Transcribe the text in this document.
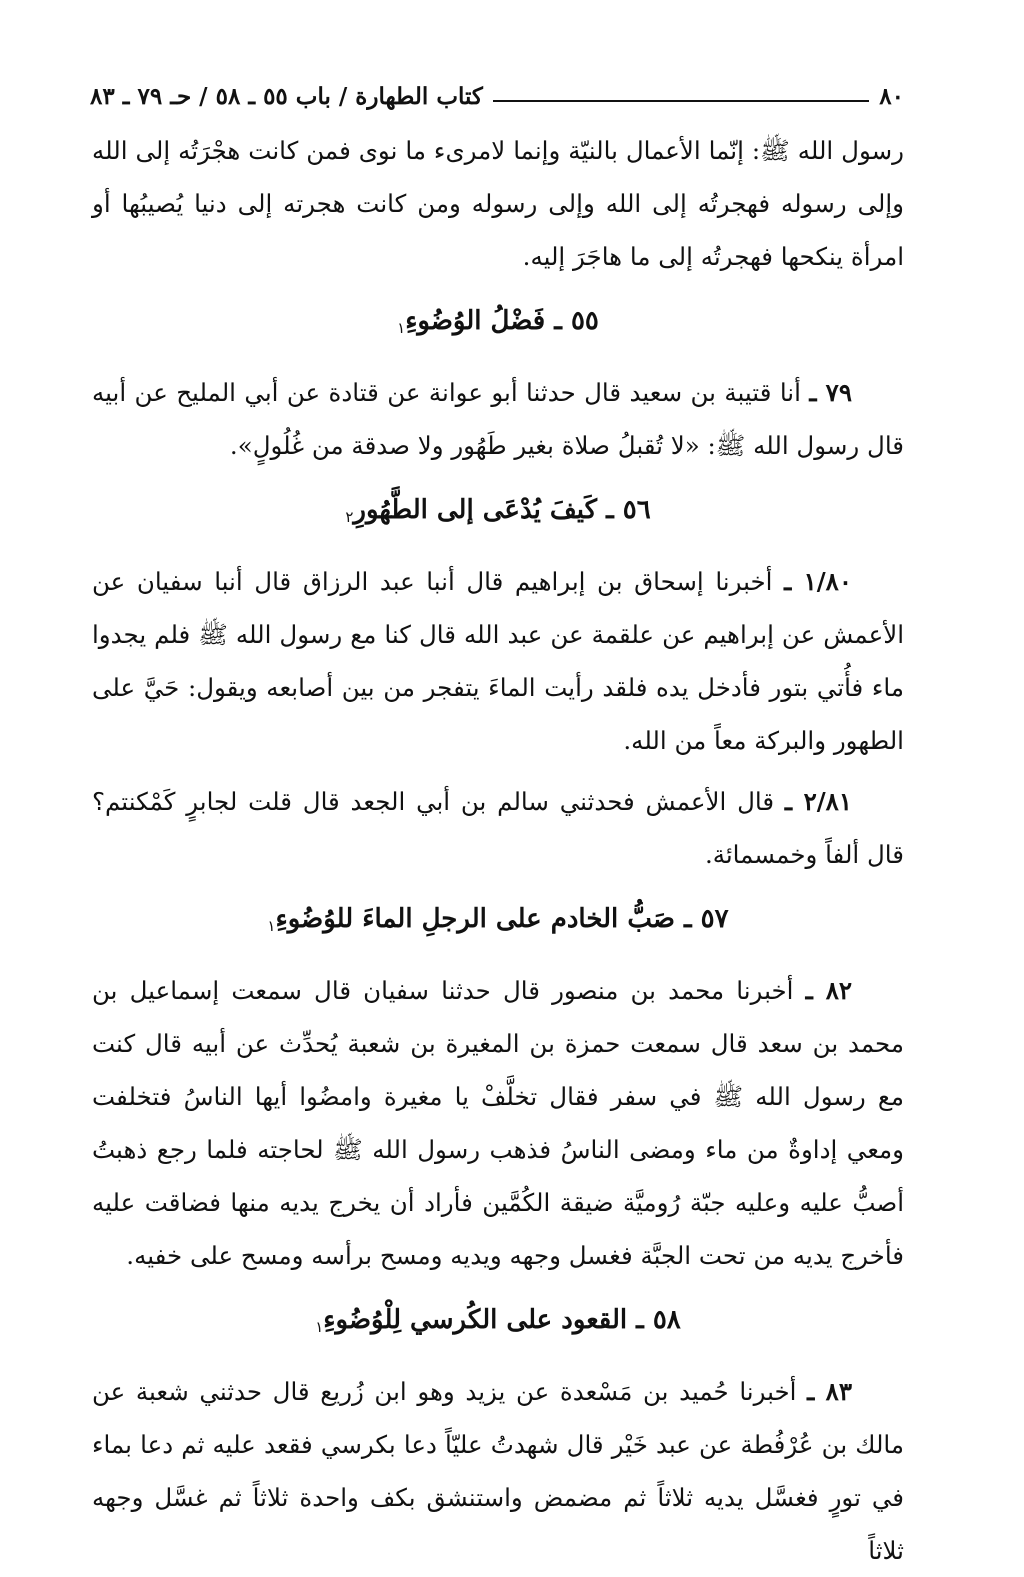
٨٠
كتاب الطهارة / باب ٥٥ ـ ٥٨ / حـ ٧٩ ـ ٨٣

رسول الله ﷺ: إنّما الأعمال بالنيّة وإنما لامرىء ما نوى فمن كانت هجْرَتُه إلى الله وإلى رسوله فهجرتُه إلى الله وإلى رسوله ومن كانت هجرته إلى دنيا يُصيبُها أو امرأة ينكحها فهجرتُه إلى ما هاجَرَ إليه.

٥٥ ـ فَضْلُ الوُضُوءِ١

٧٩ ـ أنا قتيبة بن سعيد قال حدثنا أبو عوانة عن قتادة عن أبي المليح عن أبيه قال رسول الله ﷺ: «لا تُقبلُ صلاة بغير طَهُور ولا صدقة من غُلُولٍ».

٥٦ ـ كَيفَ يُدْعَى إلى الطَّهُورِ٢

١/٨٠ ـ أخبرنا إسحاق بن إبراهيم قال أنبا عبد الرزاق قال أنبا سفيان عن الأعمش عن إبراهيم عن علقمة عن عبد الله قال كنا مع رسول الله ﷺ فلم يجدوا ماء فأُتي بتور فأدخل يده فلقد رأيت الماءَ يتفجر من بين أصابعه ويقول: حَيَّ على الطهور والبركة معاً من الله.

٢/٨١ ـ قال الأعمش فحدثني سالم بن أبي الجعد قال قلت لجابرٍ كَمْكنتم؟ قال ألفاً وخمسمائة.

٥٧ ـ صَبُّ الخادم على الرجلِ الماءَ للوُضُوءِ١

٨٢ ـ أخبرنا محمد بن منصور قال حدثنا سفيان قال سمعت إسماعيل بن محمد بن سعد قال سمعت حمزة بن المغيرة بن شعبة يُحدِّث عن أبيه قال كنت مع رسول الله ﷺ في سفر فقال تخلَّفْ يا مغيرة وامضُوا أيها الناسُ فتخلفت ومعي إداوةٌ من ماء ومضى الناسُ فذهب رسول الله ﷺ لحاجته فلما رجع ذهبتُ أصبُّ عليه وعليه جبّة رُوميَّة ضيقة الكُمَّين فأراد أن يخرج يديه منها فضاقت عليه فأخرج يديه من تحت الجبَّة فغسل وجهه ويديه ومسح برأسه ومسح على خفيه.

٥٨ ـ القعود على الكُرسي لِلْوُضُوءِ١

٨٣ ـ أخبرنا حُميد بن مَسْعدة عن يزيد وهو ابن زُريع قال حدثني شعبة عن مالك بن عُرْفُطة عن عبد خَيْر قال شهدتُ عليّاً دعا بكرسي فقعد عليه ثم دعا بماء في تورٍ فغسَّل يديه ثلاثاً ثم مضمض واستنشق بكف واحدة ثلاثاً ثم غسَّل وجهه ثلاثاً
